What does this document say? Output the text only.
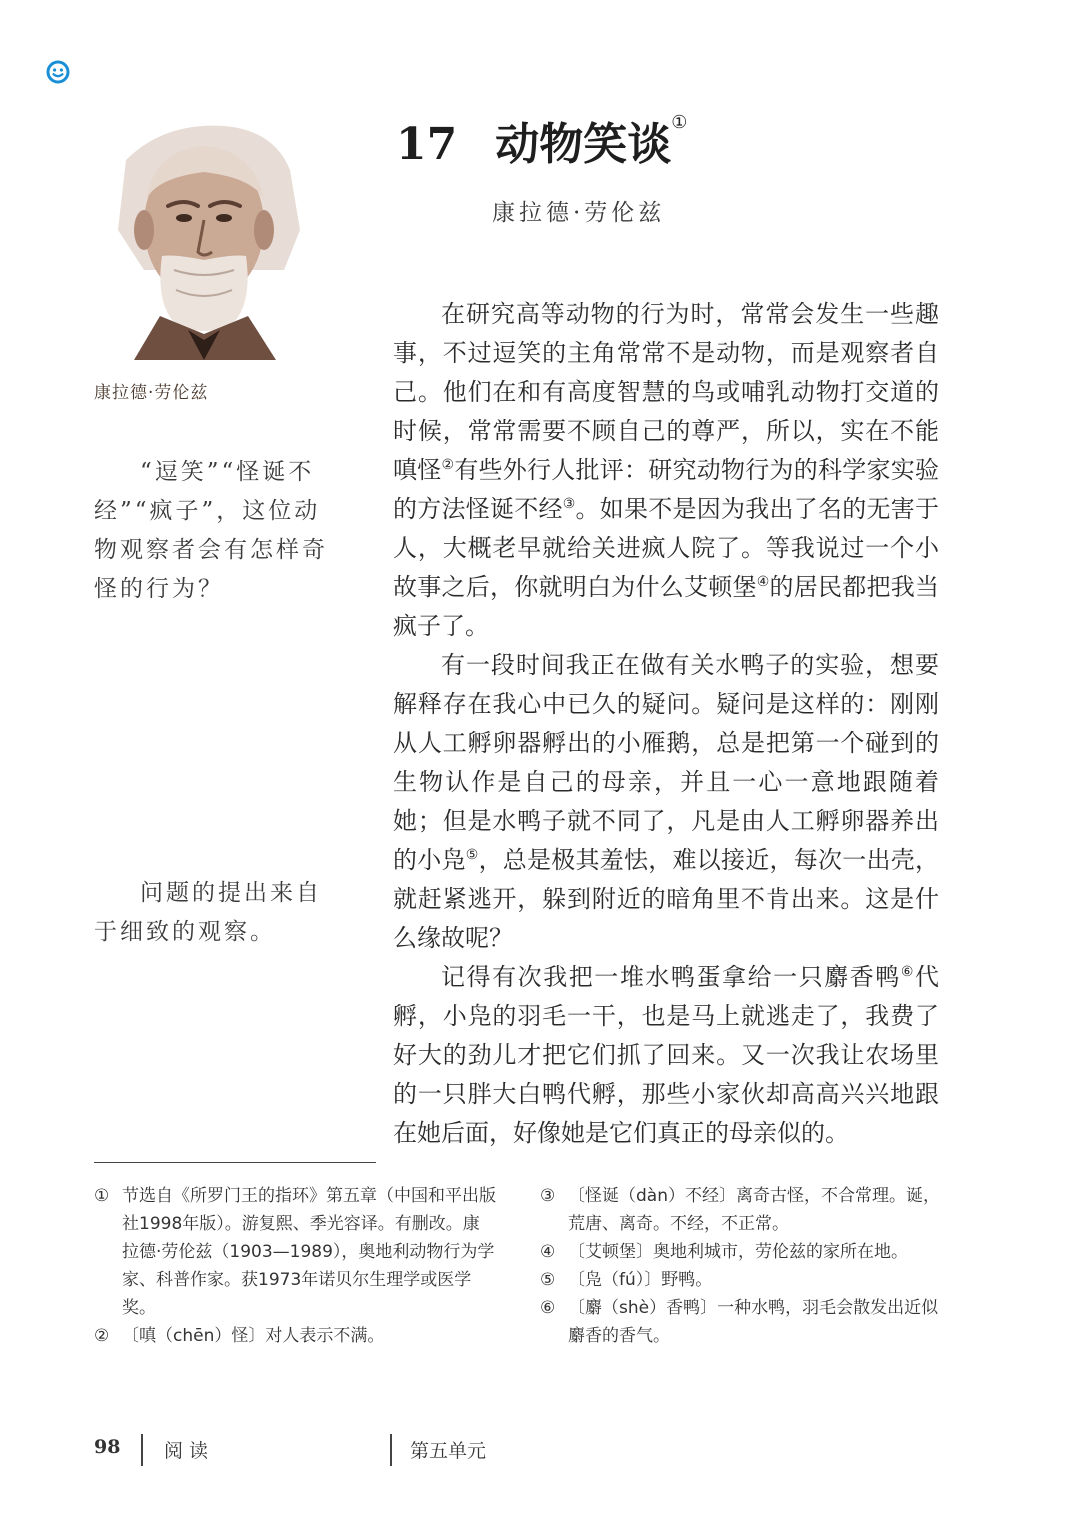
康拉德·劳伦兹

“逗笑”“怪诞不经”“疯子”，这位动物观察者会有怎样奇怪的行为？

问题的提出来自于细致的观察。

17 动物笑谈①
康拉德·劳伦兹

在研究高等动物的行为时，常常会发生一些趣事，不过逗笑的主角常常不是动物，而是观察者自己。他们在和有高度智慧的鸟或哺乳动物打交道的时候，常常需要不顾自己的尊严，所以，实在不能嗔怪②有些外行人批评：研究动物行为的科学家实验的方法怪诞不经③。如果不是因为我出了名的无害于人，大概老早就给关进疯人院了。等我说过一个小故事之后，你就明白为什么艾顿堡④的居民都把我当疯子了。

有一段时间我正在做有关水鸭子的实验，想要解释存在我心中已久的疑问。疑问是这样的：刚刚从人工孵卵器孵出的小雁鹅，总是把第一个碰到的生物认作是自己的母亲，并且一心一意地跟随着她；但是水鸭子就不同了，凡是由人工孵卵器养出的小凫⑤，总是极其羞怯，难以接近，每次一出壳，就赶紧逃开，躲到附近的暗角里不肯出来。这是什么缘故呢？

记得有次我把一堆水鸭蛋拿给一只麝香鸭⑥代孵，小凫的羽毛一干，也是马上就逃走了，我费了好大的劲儿才把它们抓了回来。又一次我让农场里的一只胖大白鸭代孵，那些小家伙却高高兴兴地跟在她后面，好像她是它们真正的母亲似的。

① 节选自《所罗门王的指环》第五章（中国和平出版社1998年版）。游复熙、季光容译。有删改。康拉德·劳伦兹（1903—1989），奥地利动物行为学家、科普作家。获1973年诺贝尔生理学或医学奖。
② 〔嗔（chēn）怪〕对人表示不满。
③ 〔怪诞（dàn）不经〕离奇古怪，不合常理。诞，荒唐、离奇。不经，不正常。
④ 〔艾顿堡〕奥地利城市，劳伦兹的家所在地。
⑤ 〔凫（fú）〕野鸭。
⑥ 〔麝（shè）香鸭〕一种水鸭，羽毛会散发出近似麝香的香气。
98 阅读	第五单元
